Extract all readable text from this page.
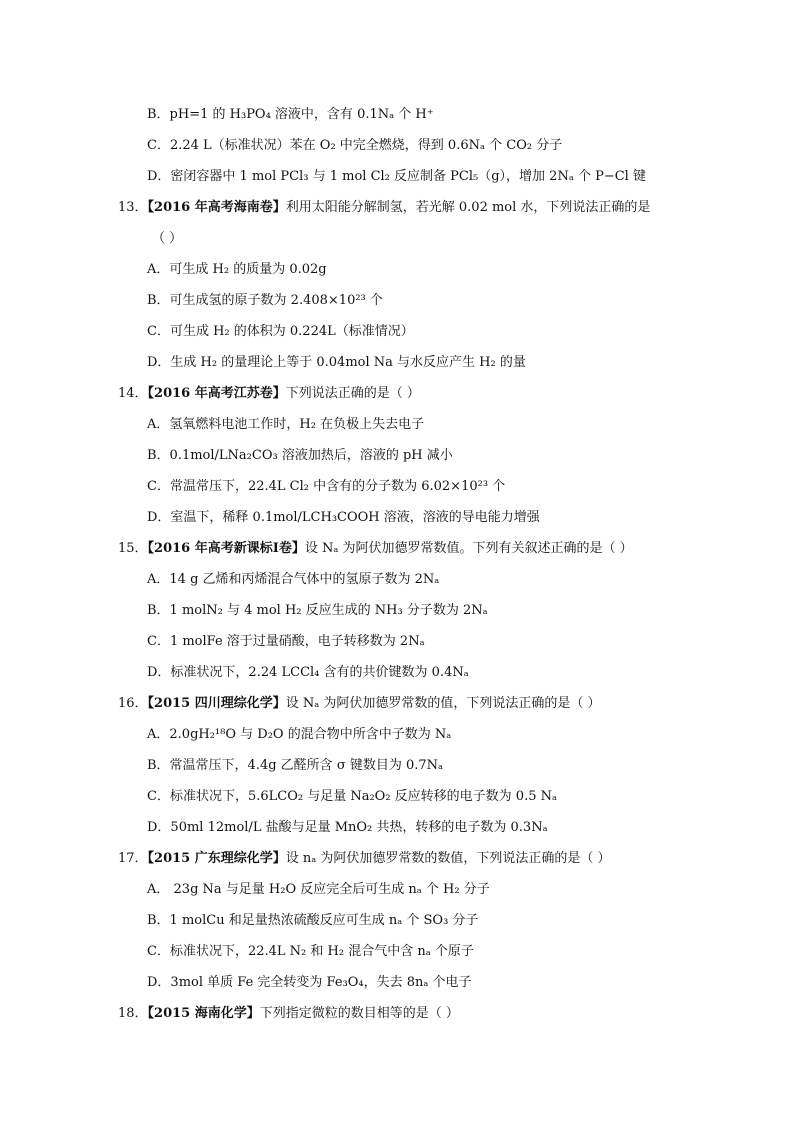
B．pH=1 的 H₃PO₄ 溶液中，含有 0.1Nₐ 个 H⁺
C．2.24 L（标准状况）苯在 O₂ 中完全燃烧，得到 0.6Nₐ 个 CO₂ 分子
D．密闭容器中 1 mol PCl₃ 与 1 mol Cl₂ 反应制备 PCl₅（g），增加 2Nₐ 个 P−Cl 键
13．【2016 年高考海南卷】利用太阳能分解制氢，若光解 0.02 mol 水，下列说法正确的是
（ ）
A．可生成 H₂ 的质量为 0.02g
B．可生成氢的原子数为 2.408×10²³ 个
C．可生成 H₂ 的体积为 0.224L（标准情况）
D．生成 H₂ 的量理论上等于 0.04mol Na 与水反应产生 H₂ 的量
14．【2016 年高考江苏卷】下列说法正确的是（ ）
A．氢氧燃料电池工作时，H₂ 在负极上失去电子
B．0.1mol/LNa₂CO₃ 溶液加热后，溶液的 pH 减小
C．常温常压下，22.4L Cl₂ 中含有的分子数为 6.02×10²³ 个
D．室温下，稀释 0.1mol/LCH₃COOH 溶液，溶液的导电能力增强
15．【2016 年高考新课标Ⅰ卷】设 Nₐ 为阿伏加德罗常数值。下列有关叙述正确的是（ ）
A．14 g 乙烯和丙烯混合气体中的氢原子数为 2Nₐ
B．1 molN₂ 与 4 mol H₂ 反应生成的 NH₃ 分子数为 2Nₐ
C．1 molFe 溶于过量硝酸，电子转移数为 2Nₐ
D．标准状况下，2.24 LCCl₄ 含有的共价键数为 0.4Nₐ
16．【2015 四川理综化学】设 Nₐ 为阿伏加德罗常数的值，下列说法正确的是（ ）
A．2.0gH₂¹⁸O 与 D₂O 的混合物中所含中子数为 Nₐ
B．常温常压下，4.4g 乙醛所含 σ 键数目为 0.7Nₐ
C．标准状况下，5.6LCO₂ 与足量 Na₂O₂ 反应转移的电子数为 0.5 Nₐ
D．50ml 12mol/L 盐酸与足量 MnO₂ 共热，转移的电子数为 0.3Nₐ
17．【2015 广东理综化学】设 nₐ 为阿伏加德罗常数的数值，下列说法正确的是（ ）
A． 23g Na 与足量 H₂O 反应完全后可生成 nₐ 个 H₂ 分子
B．1 molCu 和足量热浓硫酸反应可生成 nₐ 个 SO₃ 分子
C．标准状况下，22.4L N₂ 和 H₂ 混合气中含 nₐ 个原子
D．3mol 单质 Fe 完全转变为 Fe₃O₄，失去 8nₐ 个电子
18．【2015 海南化学】下列指定微粒的数目相等的是（ ）
